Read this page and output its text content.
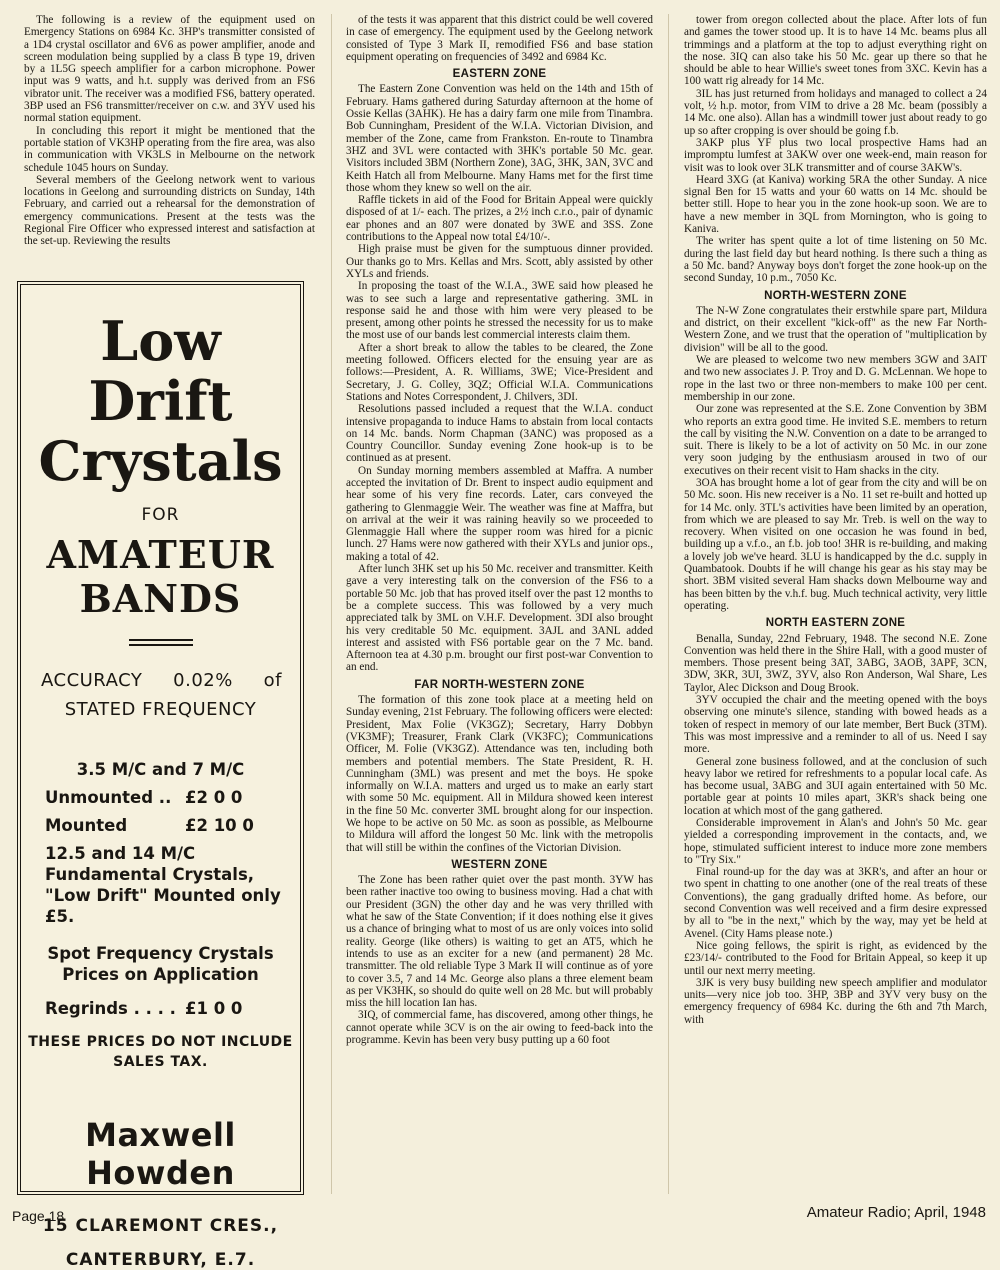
The following is a review of the equipment used on Emergency Stations on 6984 Kc. 3HP's transmitter consisted of a 1D4 crystal oscillator and 6V6 as power amplifier, anode and screen modulation being supplied by a class B type 19, driven by a 1L5G speech amplifier for a carbon microphone. Power input was 9 watts, and h.t. supply was derived from an FS6 vibrator unit. The receiver was a modified FS6, battery operated. 3BP used an FS6 transmitter/receiver on c.w. and 3YV used his normal station equipment.

In concluding this report it might be mentioned that the portable station of VK3HP operating from the fire area, was also in communication with VK3LS in Melbourne on the network schedule 1045 hours on Sunday.

Several members of the Geelong network went to various locations in Geelong and surrounding districts on Sunday, 14th February, and carried out a rehearsal for the demonstration of emergency communications. Present at the tests was the Regional Fire Officer who expressed interest and satisfaction at the set-up. Reviewing the results

Low Drift
Crystals
FOR
AMATEUR
BANDS
ACCURACY 0.02% of
STATED FREQUENCY
3.5 M/C and 7 M/C
Unmounted .. £2 0 0
Mounted	£2 10 0
12.5 and 14 M/C Fundamental Crystals, "Low Drift" Mounted only £5.
Spot Frequency Crystals Prices on Application
Regrinds . . . . £1 0 0
THESE PRICES DO NOT INCLUDE SALES TAX.
Maxwell Howden
15 CLAREMONT CRES.,
CANTERBURY, E.7.

of the tests it was apparent that this district could be well covered in case of emergency. The equipment used by the Geelong network consisted of Type 3 Mark II, remodified FS6 and base station equipment operating on frequencies of 3492 and 6984 Kc.

EASTERN ZONE

The Eastern Zone Convention was held on the 14th and 15th of February. Hams gathered during Saturday afternoon at the home of Ossie Kellas (3AHK). He has a dairy farm one mile from Tinambra. Bob Cunningham, President of the W.I.A. Victorian Division, and member of the Zone, came from Frankston. En-route to Tinambra 3HZ and 3VL were contacted with 3HK's portable 50 Mc. gear. Visitors included 3BM (Northern Zone), 3AG, 3HK, 3AN, 3VC and Keith Hatch all from Melbourne. Many Hams met for the first time those whom they knew so well on the air.

Raffle tickets in aid of the Food for Britain Appeal were quickly disposed of at 1/- each. The prizes, a 2½ inch c.r.o., pair of dynamic ear phones and an 807 were donated by 3WE and 3SS. Zone contributions to the Appeal now total £4/10/-.

High praise must be given for the sumptuous dinner provided. Our thanks go to Mrs. Kellas and Mrs. Scott, ably assisted by other XYLs and friends.

In proposing the toast of the W.I.A., 3WE said how pleased he was to see such a large and representative gathering. 3ML in response said he and those with him were very pleased to be present, among other points he stressed the necessity for us to make the most use of our bands lest commercial interests claim them.

After a short break to allow the tables to be cleared, the Zone meeting followed. Officers elected for the ensuing year are as follows:—President, A. R. Williams, 3WE; Vice-President and Secretary, J. G. Colley, 3QZ; Official W.I.A. Communications Stations and Notes Correspondent, J. Chilvers, 3DI.

Resolutions passed included a request that the W.I.A. conduct intensive propaganda to induce Hams to abstain from local contacts on 14 Mc. bands. Norm Chapman (3ANC) was proposed as a Country Councillor. Sunday evening Zone hook-up is to be continued as at present.

On Sunday morning members assembled at Maffra. A number accepted the invitation of Dr. Brent to inspect audio equipment and hear some of his very fine records. Later, cars conveyed the gathering to Glenmaggie Weir. The weather was fine at Maffra, but on arrival at the weir it was raining heavily so we proceeded to Glenmaggie Hall where the supper room was hired for a picnic lunch. 27 Hams were now gathered with their XYLs and junior ops., making a total of 42.

After lunch 3HK set up his 50 Mc. receiver and transmitter. Keith gave a very interesting talk on the conversion of the FS6 to a portable 50 Mc. job that has proved itself over the past 12 months to be a complete success. This was followed by a very much appreciated talk by 3ML on V.H.F. Development. 3DI also brought his very creditable 50 Mc. equipment. 3AJL and 3ANL added interest and assisted with FS6 portable gear on the 7 Mc. band. Afternoon tea at 4.30 p.m. brought our first post-war Convention to an end.

FAR NORTH-WESTERN ZONE

The formation of this zone took place at a meeting held on Sunday evening, 21st February. The following officers were elected: President, Max Folie (VK3GZ); Secretary, Harry Dobbyn (VK3MF); Treasurer, Frank Clark (VK3FC); Communications Officer, M. Folie (VK3GZ). Attendance was ten, including both members and potential members. The State President, R. H. Cunningham (3ML) was present and met the boys. He spoke informally on W.I.A. matters and urged us to make an early start with some 50 Mc. equipment. All in Mildura showed keen interest in the fine 50 Mc. converter 3ML brought along for our inspection. We hope to be active on 50 Mc. as soon as possible, as Melbourne to Mildura will afford the longest 50 Mc. link with the metropolis that will still be within the confines of the Victorian Division.

WESTERN ZONE

The Zone has been rather quiet over the past month. 3YW has been rather inactive too owing to business moving. Had a chat with our President (3GN) the other day and he was very thrilled with what he saw of the State Convention; if it does nothing else it gives us a chance of bringing what to most of us are only voices into solid reality. George (like others) is waiting to get an AT5, which he intends to use as an exciter for a new (and permanent) 28 Mc. transmitter. The old reliable Type 3 Mark II will continue as of yore to cover 3.5, 7 and 14 Mc. George also plans a three element beam as per VK3HK, so should do quite well on 28 Mc. but will probably miss the hill location Ian has.

3IQ, of commercial fame, has discovered, among other things, he cannot operate while 3CV is on the air owing to feed-back into the programme. Kevin has been very busy putting up a 60 foot

tower from oregon collected about the place. After lots of fun and games the tower stood up. It is to have 14 Mc. beams plus all trimmings and a platform at the top to adjust everything right on the nose. 3IQ can also take his 50 Mc. gear up there so that he should be able to hear Willie's sweet tones from 3XC. Kevin has a 100 watt rig already for 14 Mc.

3IL has just returned from holidays and managed to collect a 24 volt, ½ h.p. motor, from VIM to drive a 28 Mc. beam (possibly a 14 Mc. one also). Allan has a windmill tower just about ready to go up so after cropping is over should be going f.b.

3AKP plus YF plus two local prospective Hams had an impromptu lumfest at 3AKW over one week-end, main reason for visit was to look over 3LK transmitter and of course 3AKW's.

Heard 3XG (at Kaniva) working 5RA the other Sunday. A nice signal Ben for 15 watts and your 60 watts on 14 Mc. should be better still. Hope to hear you in the zone hook-up soon. We are to have a new member in 3QL from Mornington, who is going to Kaniva.

The writer has spent quite a lot of time listening on 50 Mc. during the last field day but heard nothing. Is there such a thing as a 50 Mc. band? Anyway boys don't forget the zone hook-up on the second Sunday, 10 p.m., 7050 Kc.

NORTH-WESTERN ZONE

The N-W Zone congratulates their erstwhile spare part, Mildura and district, on their excellent "kick-off" as the new Far North-Western Zone, and we trust that the operation of "multiplication by division" will be all to the good.

We are pleased to welcome two new members 3GW and 3AIT and two new associates J. P. Troy and D. G. McLennan. We hope to rope in the last two or three non-members to make 100 per cent. membership in our zone.

Our zone was represented at the S.E. Zone Convention by 3BM who reports an extra good time. He invited S.E. members to return the call by visiting the N.W. Convention on a date to be arranged to suit. There is likely to be a lot of activity on 50 Mc. in our zone very soon judging by the enthusiasm aroused in two of our executives on their recent visit to Ham shacks in the city.

3OA has brought home a lot of gear from the city and will be on 50 Mc. soon. His new receiver is a No. 11 set re-built and hotted up for 14 Mc. only. 3TL's activities have been limited by an operation, from which we are pleased to say Mr. Treb. is well on the way to recovery. When visited on one occasion he was found in bed, building up a v.f.o., an f.b. job too! 3HR is re-building, and making a lovely job we've heard. 3LU is handicapped by the d.c. supply in Quambatook. Doubts if he will change his gear as his stay may be short. 3BM visited several Ham shacks down Melbourne way and has been bitten by the v.h.f. bug. Much technical activity, very little operating.

NORTH EASTERN ZONE

Benalla, Sunday, 22nd February, 1948. The second N.E. Zone Convention was held there in the Shire Hall, with a good muster of members. Those present being 3AT, 3ABG, 3AOB, 3APF, 3CN, 3DW, 3KR, 3UI, 3WZ, 3YV, also Ron Anderson, Wal Share, Les Taylor, Alec Dickson and Doug Brook.

3YV occupied the chair and the meeting opened with the boys observing one minute's silence, standing with bowed heads as a token of respect in memory of our late member, Bert Buck (3TM). This was most impressive and a reminder to all of us. Need I say more.

General zone business followed, and at the conclusion of such heavy labor we retired for refreshments to a popular local cafe. As has become usual, 3ABG and 3UI again entertained with 50 Mc. portable gear at points 10 miles apart, 3KR's shack being one location at which most of the gang gathered.

Considerable improvement in Alan's and John's 50 Mc. gear yielded a corresponding improvement in the contacts, and, we hope, stimulated sufficient interest to induce more zone members to "Try Six."

Final round-up for the day was at 3KR's, and after an hour or two spent in chatting to one another (one of the real treats of these Conventions), the gang gradually drifted home. As before, our second Convention was well received and a firm desire expressed by all to "be in the next," which by the way, may yet be held at Avenel. (City Hams please note.)

Nice going fellows, the spirit is right, as evidenced by the £23/14/- contributed to the Food for Britain Appeal, so keep it up until our next merry meeting.

3JK is very busy building new speech amplifier and modulator units—very nice job too. 3HP, 3BP and 3YV very busy on the emergency frequency of 6984 Kc. during the 6th and 7th March, with

Page 18	Amateur Radio; April, 1948
